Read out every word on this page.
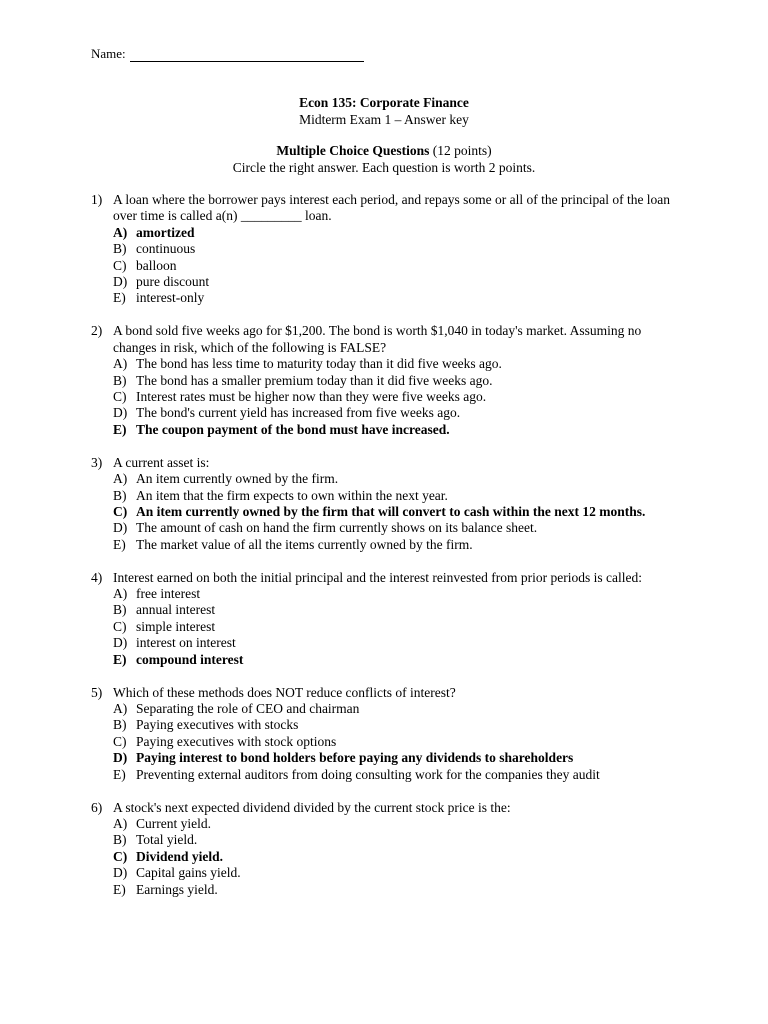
Name:
Econ 135: Corporate Finance
Midterm Exam 1 – Answer key
Multiple Choice Questions (12 points)
Circle the right answer. Each question is worth 2 points.
1) A loan where the borrower pays interest each period, and repays some or all of the principal of the loan over time is called a(n) _________ loan.
A) amortized
B) continuous
C) balloon
D) pure discount
E) interest-only
2) A bond sold five weeks ago for $1,200. The bond is worth $1,040 in today's market. Assuming no changes in risk, which of the following is FALSE?
A) The bond has less time to maturity today than it did five weeks ago.
B) The bond has a smaller premium today than it did five weeks ago.
C) Interest rates must be higher now than they were five weeks ago.
D) The bond's current yield has increased from five weeks ago.
E) The coupon payment of the bond must have increased.
3) A current asset is:
A) An item currently owned by the firm.
B) An item that the firm expects to own within the next year.
C) An item currently owned by the firm that will convert to cash within the next 12 months.
D) The amount of cash on hand the firm currently shows on its balance sheet.
E) The market value of all the items currently owned by the firm.
4) Interest earned on both the initial principal and the interest reinvested from prior periods is called:
A) free interest
B) annual interest
C) simple interest
D) interest on interest
E) compound interest
5) Which of these methods does NOT reduce conflicts of interest?
A) Separating the role of CEO and chairman
B) Paying executives with stocks
C) Paying executives with stock options
D) Paying interest to bond holders before paying any dividends to shareholders
E) Preventing external auditors from doing consulting work for the companies they audit
6) A stock's next expected dividend divided by the current stock price is the:
A) Current yield.
B) Total yield.
C) Dividend yield.
D) Capital gains yield.
E) Earnings yield.
